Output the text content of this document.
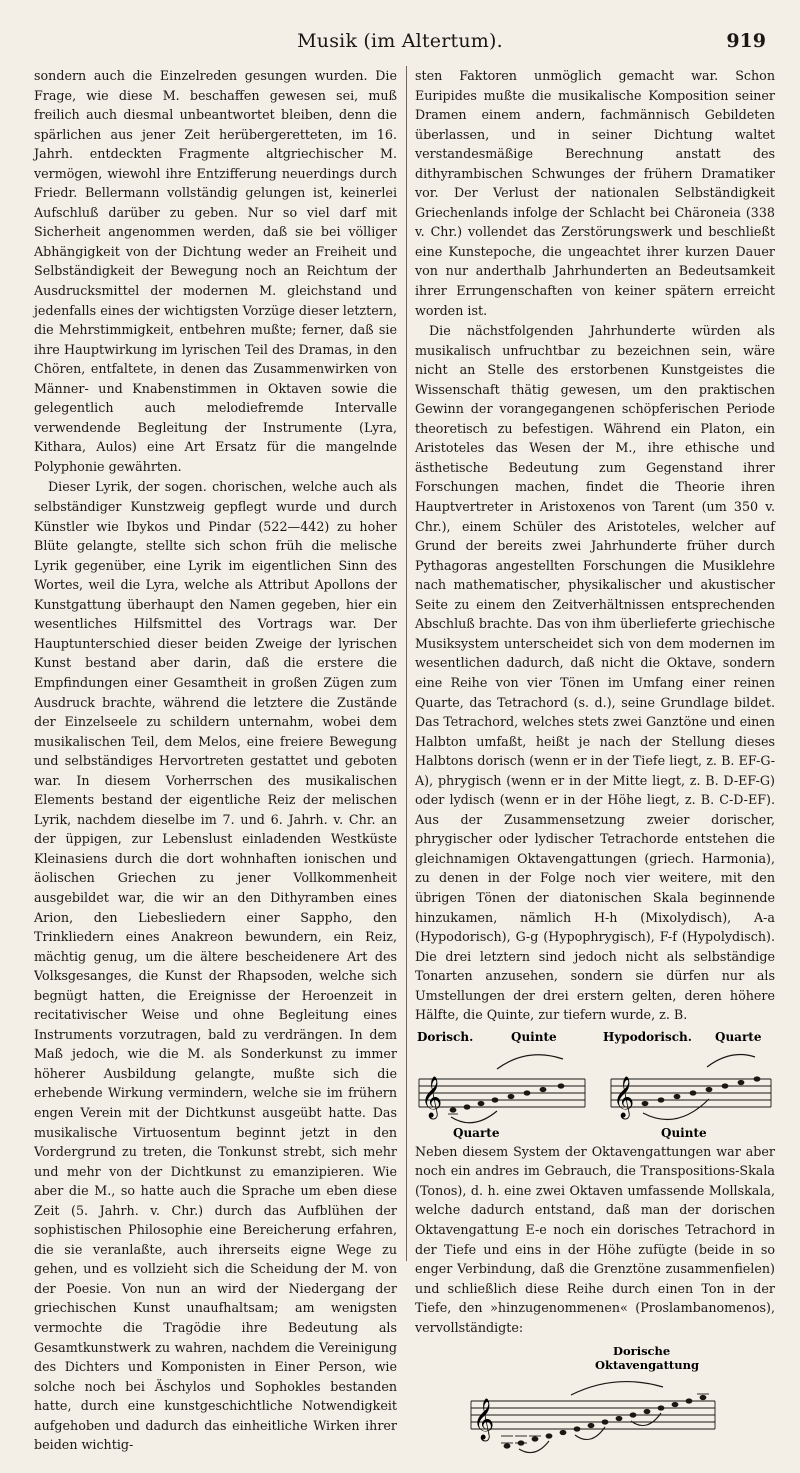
Musik (im Altertum).	919

sondern auch die Einzelreden gesungen wurden. Die Frage, wie diese M. beschaffen gewesen sei, muß freilich auch diesmal unbeantwortet bleiben, denn die spärlichen aus jener Zeit herübergeretteten, im 16. Jahrh. entdeckten Fragmente altgriechischer M. vermögen, wiewohl ihre Entzifferung neuerdings durch Friedr. Bellermann vollständig gelungen ist, keinerlei Aufschluß darüber zu geben. Nur so viel darf mit Sicherheit angenommen werden, daß sie bei völliger Abhängigkeit von der Dichtung weder an Freiheit und Selbständigkeit der Bewegung noch an Reichtum der Ausdrucksmittel der modernen M. gleichstand und jedenfalls eines der wichtigsten Vorzüge dieser letztern, die Mehrstimmigkeit, entbehren mußte; ferner, daß sie ihre Hauptwirkung im lyrischen Teil des Dramas, in den Chören, entfaltete, in denen das Zusammenwirken von Männer- und Knabenstimmen in Oktaven sowie die gelegentlich auch melodiefremde Intervalle verwendende Begleitung der Instrumente (Lyra, Kithara, Aulos) eine Art Ersatz für die mangelnde Polyphonie gewährten.

Dieser Lyrik, der sogen. chorischen, welche auch als selbständiger Kunstzweig gepflegt wurde und durch Künstler wie Ibykos und Pindar (522—442) zu hoher Blüte gelangte, stellte sich schon früh die melische Lyrik gegenüber, eine Lyrik im eigentlichen Sinn des Wortes, weil die Lyra, welche als Attribut Apollons der Kunstgattung überhaupt den Namen gegeben, hier ein wesentliches Hilfsmittel des Vortrags war. Der Hauptunterschied dieser beiden Zweige der lyrischen Kunst bestand aber darin, daß die erstere die Empfindungen einer Gesamtheit in großen Zügen zum Ausdruck brachte, während die letztere die Zustände der Einzelseele zu schildern unternahm, wobei dem musikalischen Teil, dem Melos, eine freiere Bewegung und selbständiges Hervortreten gestattet und geboten war. In diesem Vorherrschen des musikalischen Elements bestand der eigentliche Reiz der melischen Lyrik, nachdem dieselbe im 7. und 6. Jahrh. v. Chr. an der üppigen, zur Lebenslust einladenden Westküste Kleinasiens durch die dort wohnhaften ionischen und äolischen Griechen zu jener Vollkommenheit ausgebildet war, die wir an den Dithyramben eines Arion, den Liebesliedern einer Sappho, den Trinkliedern eines Anakreon bewundern, ein Reiz, mächtig genug, um die ältere bescheidenere Art des Volksgesanges, die Kunst der Rhapsoden, welche sich begnügt hatten, die Ereignisse der Heroenzeit in recitativischer Weise und ohne Begleitung eines Instruments vorzutragen, bald zu verdrängen. In dem Maß jedoch, wie die M. als Sonderkunst zu immer höherer Ausbildung gelangte, mußte sich die erhebende Wirkung vermindern, welche sie im frühern engen Verein mit der Dichtkunst ausgeübt hatte. Das musikalische Virtuosentum beginnt jetzt in den Vordergrund zu treten, die Tonkunst strebt, sich mehr und mehr von der Dichtkunst zu emanzipieren. Wie aber die M., so hatte auch die Sprache um eben diese Zeit (5. Jahrh. v. Chr.) durch das Aufblühen der sophistischen Philosophie eine Bereicherung erfahren, die sie veranlaßte, auch ihrerseits eigne Wege zu gehen, und es vollzieht sich die Scheidung der M. von der Poesie. Von nun an wird der Niedergang der griechischen Kunst unaufhaltsam; am wenigsten vermochte die Tragödie ihre Bedeutung als Gesamtkunstwerk zu wahren, nachdem die Vereinigung des Dichters und Komponisten in Einer Person, wie solche noch bei Äschylos und Sophokles bestanden hatte, durch eine kunstgeschichtliche Notwendigkeit aufgehoben und dadurch das einheitliche Wirken ihrer beiden wichtig-

sten Faktoren unmöglich gemacht war. Schon Euripides mußte die musikalische Komposition seiner Dramen einem andern, fachmännisch Gebildeten überlassen, und in seiner Dichtung waltet verstandesmäßige Berechnung anstatt des dithyrambischen Schwunges der frühern Dramatiker vor. Der Verlust der nationalen Selbständigkeit Griechenlands infolge der Schlacht bei Chäroneia (338 v. Chr.) vollendet das Zerstörungswerk und beschließt eine Kunstepoche, die ungeachtet ihrer kurzen Dauer von nur anderthalb Jahrhunderten an Bedeutsamkeit ihrer Errungenschaften von keiner spätern erreicht worden ist.

Die nächstfolgenden Jahrhunderte würden als musikalisch unfruchtbar zu bezeichnen sein, wäre nicht an Stelle des erstorbenen Kunstgeistes die Wissenschaft thätig gewesen, um den praktischen Gewinn der vorangegangenen schöpferischen Periode theoretisch zu befestigen. Während ein Platon, ein Aristoteles das Wesen der M., ihre ethische und ästhetische Bedeutung zum Gegenstand ihrer Forschungen machen, findet die Theorie ihren Hauptvertreter in Aristoxenos von Tarent (um 350 v. Chr.), einem Schüler des Aristoteles, welcher auf Grund der bereits zwei Jahrhunderte früher durch Pythagoras angestellten Forschungen die Musiklehre nach mathematischer, physikalischer und akustischer Seite zu einem den Zeitverhältnissen entsprechenden Abschluß brachte. Das von ihm überlieferte griechische Musiksystem unterscheidet sich von dem modernen im wesentlichen dadurch, daß nicht die Oktave, sondern eine Reihe von vier Tönen im Umfang einer reinen Quarte, das Tetrachord (s. d.), seine Grundlage bildet. Das Tetrachord, welches stets zwei Ganztöne und einen Halbton umfaßt, heißt je nach der Stellung dieses Halbtons dorisch (wenn er in der Tiefe liegt, z. B. EF-G-A), phrygisch (wenn er in der Mitte liegt, z. B. D-EF-G) oder lydisch (wenn er in der Höhe liegt, z. B. C-D-EF). Aus der Zusammensetzung zweier dorischer, phrygischer oder lydischer Tetrachorde entstehen die gleichnamigen Oktavengattungen (griech. Harmonia), zu denen in der Folge noch vier weitere, mit den übrigen Tönen der diatonischen Skala beginnende hinzukamen, nämlich H-h (Mixolydisch), A-a (Hypodorisch), G-g (Hypophrygisch), F-f (Hypolydisch). Die drei letztern sind jedoch nicht als selbständige Tonarten anzusehen, sondern sie dürfen nur als Umstellungen der drei erstern gelten, deren höhere Hälfte, die Quinte, zur tiefern wurde, z. B.

Dorisch.	Quinte
𝄞
Quarte
Hypodorisch. Quarte
𝄞
Quinte

Neben diesem System der Oktavengattungen war aber noch ein andres im Gebrauch, die Transpositions-Skala (Tonos), d. h. eine zwei Oktaven umfassende Mollskala, welche dadurch entstand, daß man der dorischen Oktavengattung E-e noch ein dorisches Tetrachord in der Tiefe und eins in der Höhe zufügte (beide in so enger Verbindung, daß die Grenztöne zusammenfielen) und schließlich diese Reihe durch einen Ton in der Tiefe, den »hinzugenommenen« (Proslambanomenos), vervollständigte:

Dorische
Oktavengattung
𝄞
